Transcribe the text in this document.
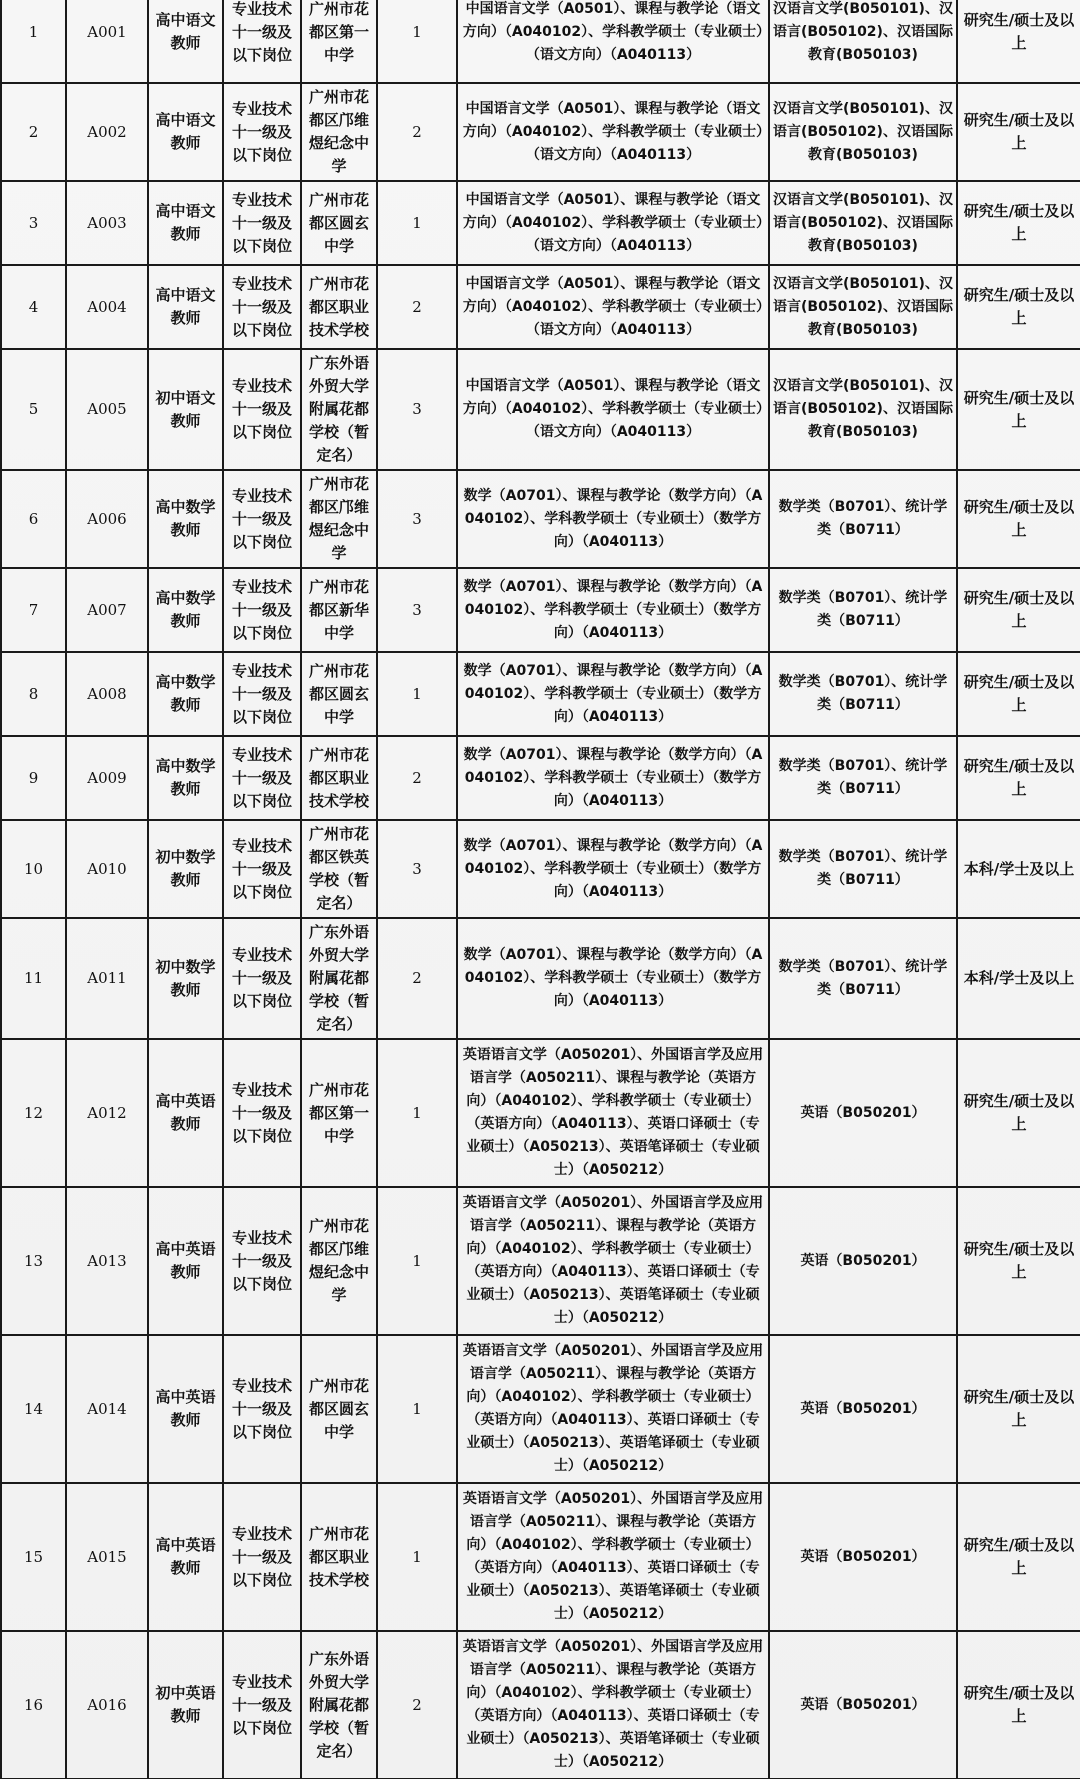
1	A001	高中语文教师	专业技术十一级及以下岗位	广州市花都区第一中学	1	中国语言文学（A0501）、课程与教学论（语文方向）（A040102）、学科教学硕士（专业硕士）（语文方向）（A040113）	汉语言文学(B050101)、汉语言(B050102)、汉语国际教育(B050103)	研究生/硕士及以上
2	A002	高中语文教师	专业技术十一级及以下岗位	广州市花都区邝维煜纪念中学	2	中国语言文学（A0501）、课程与教学论（语文方向）（A040102）、学科教学硕士（专业硕士）（语文方向）（A040113）	汉语言文学(B050101)、汉语言(B050102)、汉语国际教育(B050103)	研究生/硕士及以上
3	A003	高中语文教师	专业技术十一级及以下岗位	广州市花都区圆玄中学	1	中国语言文学（A0501）、课程与教学论（语文方向）（A040102）、学科教学硕士（专业硕士）（语文方向）（A040113）	汉语言文学(B050101)、汉语言(B050102)、汉语国际教育(B050103)	研究生/硕士及以上
4	A004	高中语文教师	专业技术十一级及以下岗位	广州市花都区职业技术学校	2	中国语言文学（A0501）、课程与教学论（语文方向）（A040102）、学科教学硕士（专业硕士）（语文方向）（A040113）	汉语言文学(B050101)、汉语言(B050102)、汉语国际教育(B050103)	研究生/硕士及以上
5	A005	初中语文教师	专业技术十一级及以下岗位	广东外语外贸大学附属花都学校（暂定名）	3	中国语言文学（A0501）、课程与教学论（语文方向）（A040102）、学科教学硕士（专业硕士）（语文方向）（A040113）	汉语言文学(B050101)、汉语言(B050102)、汉语国际教育(B050103)	研究生/硕士及以上
6	A006	高中数学教师	专业技术十一级及以下岗位	广州市花都区邝维煜纪念中学	3	数学（A0701）、课程与教学论（数学方向）（A040102）、学科教学硕士（专业硕士）（数学方向）（A040113）	数学类（B0701）、统计学类（B0711）	研究生/硕士及以上
7	A007	高中数学教师	专业技术十一级及以下岗位	广州市花都区新华中学	3	数学（A0701）、课程与教学论（数学方向）（A040102）、学科教学硕士（专业硕士）（数学方向）（A040113）	数学类（B0701）、统计学类（B0711）	研究生/硕士及以上
8	A008	高中数学教师	专业技术十一级及以下岗位	广州市花都区圆玄中学	1	数学（A0701）、课程与教学论（数学方向）（A040102）、学科教学硕士（专业硕士）（数学方向）（A040113）	数学类（B0701）、统计学类（B0711）	研究生/硕士及以上
9	A009	高中数学教师	专业技术十一级及以下岗位	广州市花都区职业技术学校	2	数学（A0701）、课程与教学论（数学方向）（A040102）、学科教学硕士（专业硕士）（数学方向）（A040113）	数学类（B0701）、统计学类（B0711）	研究生/硕士及以上
10	A010	初中数学教师	专业技术十一级及以下岗位	广州市花都区铁英学校（暂定名）	3	数学（A0701）、课程与教学论（数学方向）（A040102）、学科教学硕士（专业硕士）（数学方向）（A040113）	数学类（B0701）、统计学类（B0711）	本科/学士及以上
11	A011	初中数学教师	专业技术十一级及以下岗位	广东外语外贸大学附属花都学校（暂定名）	2	数学（A0701）、课程与教学论（数学方向）（A040102）、学科教学硕士（专业硕士）（数学方向）（A040113）	数学类（B0701）、统计学类（B0711）	本科/学士及以上
12	A012	高中英语教师	专业技术十一级及以下岗位	广州市花都区第一中学	1	英语语言文学（A050201）、外国语言学及应用语言学（A050211）、课程与教学论（英语方向）（A040102）、学科教学硕士（专业硕士）（英语方向）（A040113）、英语口译硕士（专业硕士）（A050213）、英语笔译硕士（专业硕士）（A050212）	英语（B050201）	研究生/硕士及以上
13	A013	高中英语教师	专业技术十一级及以下岗位	广州市花都区邝维煜纪念中学	1	英语语言文学（A050201）、外国语言学及应用语言学（A050211）、课程与教学论（英语方向）（A040102）、学科教学硕士（专业硕士）（英语方向）（A040113）、英语口译硕士（专业硕士）（A050213）、英语笔译硕士（专业硕士）（A050212）	英语（B050201）	研究生/硕士及以上
14	A014	高中英语教师	专业技术十一级及以下岗位	广州市花都区圆玄中学	1	英语语言文学（A050201）、外国语言学及应用语言学（A050211）、课程与教学论（英语方向）（A040102）、学科教学硕士（专业硕士）（英语方向）（A040113）、英语口译硕士（专业硕士）（A050213）、英语笔译硕士（专业硕士）（A050212）	英语（B050201）	研究生/硕士及以上
15	A015	高中英语教师	专业技术十一级及以下岗位	广州市花都区职业技术学校	1	英语语言文学（A050201）、外国语言学及应用语言学（A050211）、课程与教学论（英语方向）（A040102）、学科教学硕士（专业硕士）（英语方向）（A040113）、英语口译硕士（专业硕士）（A050213）、英语笔译硕士（专业硕士）（A050212）	英语（B050201）	研究生/硕士及以上
16	A016	初中英语教师	专业技术十一级及以下岗位	广东外语外贸大学附属花都学校（暂定名）	2	英语语言文学（A050201）、外国语言学及应用语言学（A050211）、课程与教学论（英语方向）（A040102）、学科教学硕士（专业硕士）（英语方向）（A040113）、英语口译硕士（专业硕士）（A050213）、英语笔译硕士（专业硕士）（A050212）	英语（B050201）	研究生/硕士及以上
